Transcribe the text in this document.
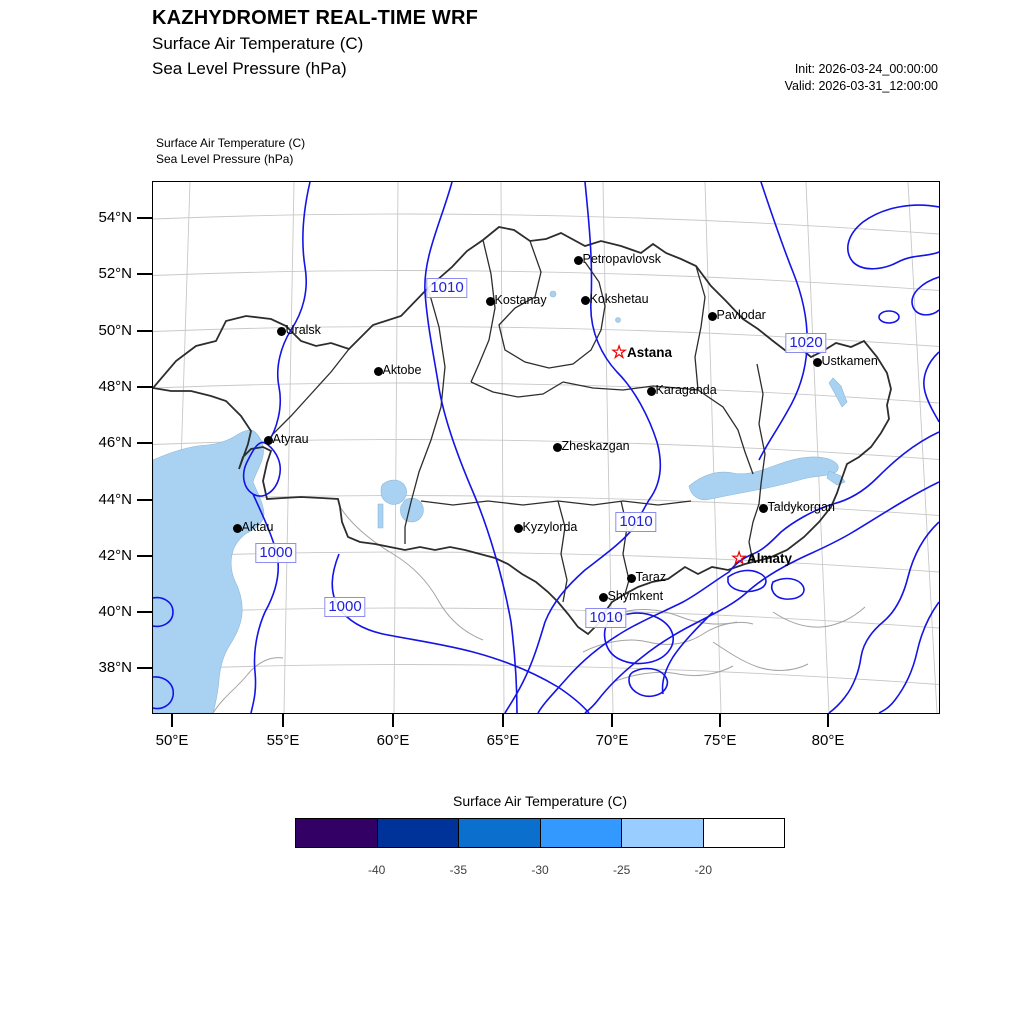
KAZHYDROMET REAL-TIME WRF
Surface Air Temperature (C)
Sea Level Pressure (hPa)	Init: 2026-03-24_00:00:00
Valid: 2026-03-31_12:00:00
Surface Air Temperature (C)
Sea Level Pressure (hPa)
54°N
52°N
50°N
48°N
46°N
44°N
42°N
40°N
38°N
50°E	55°E	60°E	65°E	70°E	75°E	80°E
Petropavlovsk
Kostanay	Kokshetau
Pavlodar
Uralsk
☆ Astana
Ustkamen
Aktobe
Karaganda
Atyrau	Zheskazgan
Taldykorgan
Aktau	Kyzylorda
☆ Almaty
Taraz
Shymkent
1010
1020
1010
1000
1000
1010
Surface Air Temperature (C)
-40	-35	-30	-25	-20
